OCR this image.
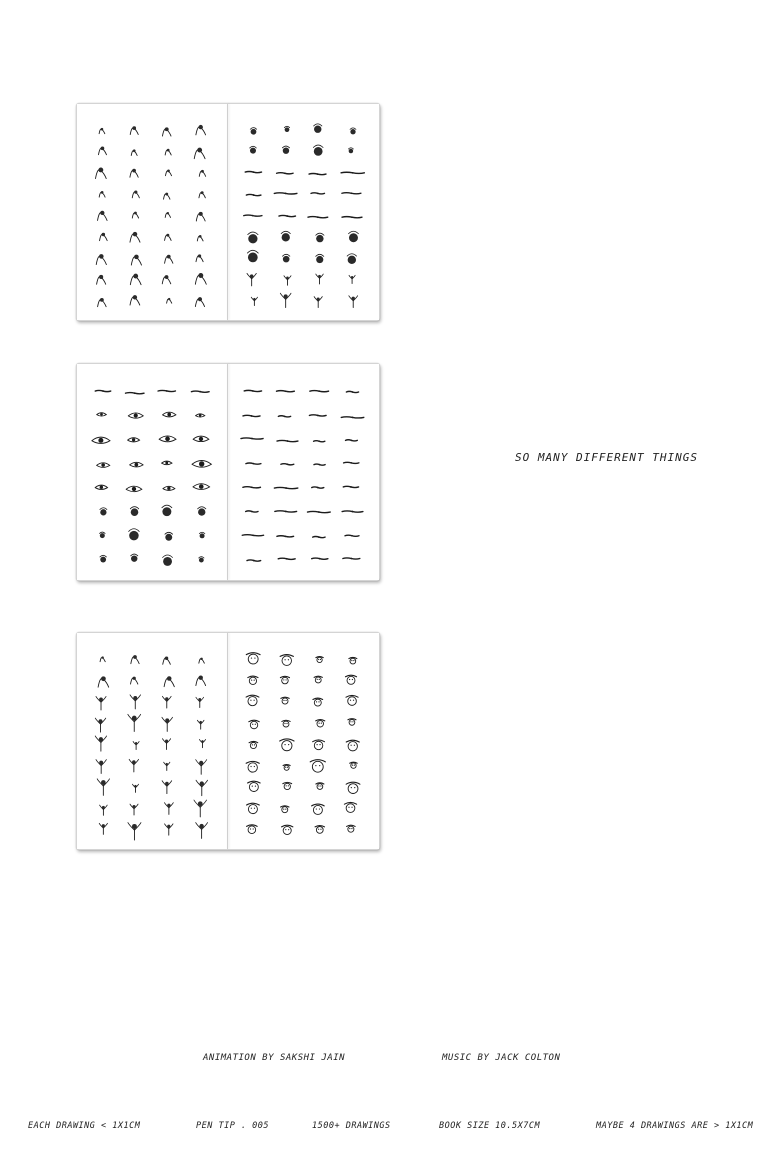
SO MANY DIFFERENT THINGS
ANIMATION BY SAKSHI JAIN	MUSIC BY JACK COLTON
EACH DRAWING < 1X1CM	PEN TIP . 005	1500+ DRAWINGS	BOOK SIZE 10.5X7CM	MAYBE 4 DRAWINGS ARE > 1X1CM
